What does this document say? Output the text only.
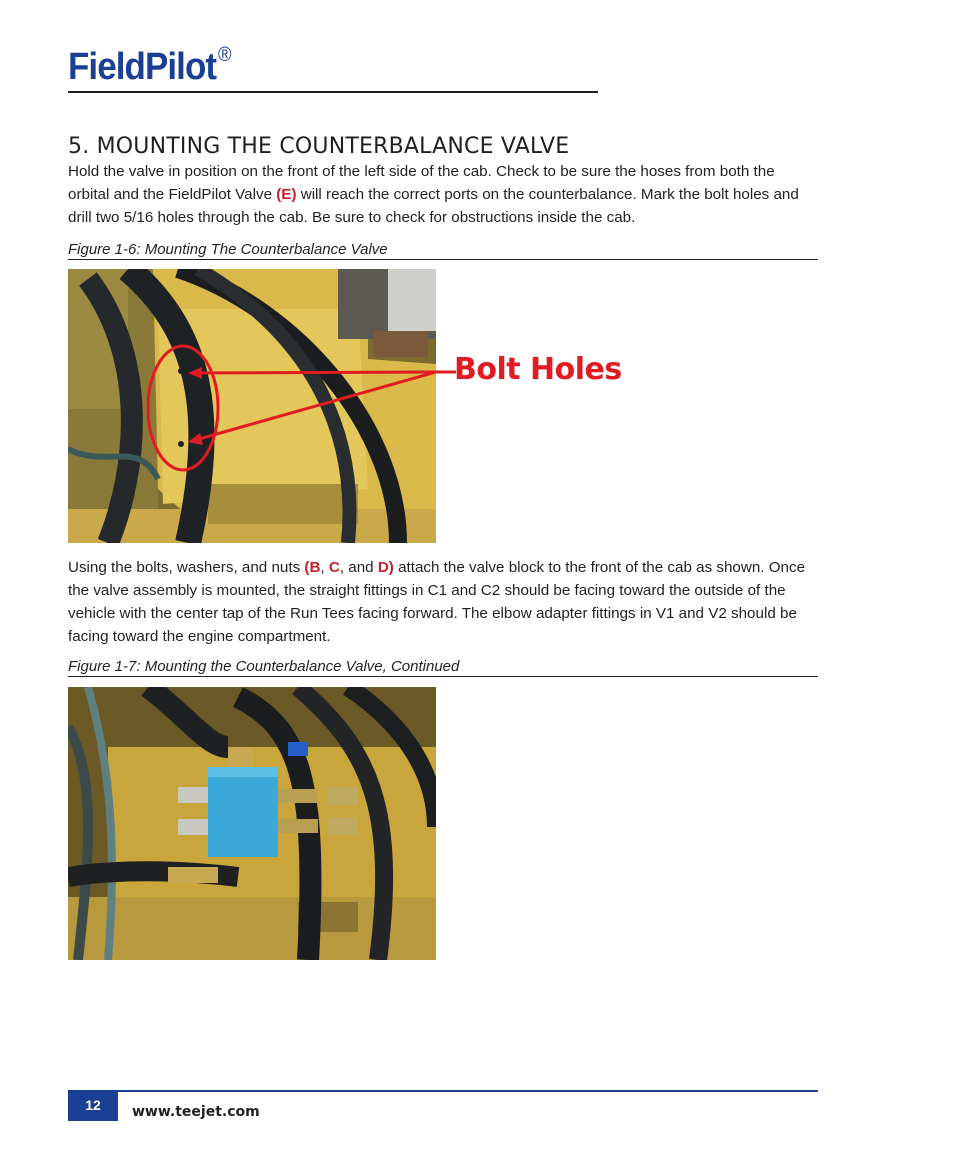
FieldPilot®
5. MOUNTING THE COUNTERBALANCE VALVE
Hold the valve in position on the front of the left side of the cab. Check to be sure the hoses from both the orbital and the FieldPilot Valve (E) will reach the correct ports on the counterbalance. Mark the bolt holes and drill two 5/16 holes through the cab. Be sure to check for obstructions inside the cab.
Figure 1-6: Mounting The Counterbalance Valve
Bolt Holes
Using the bolts, washers, and nuts (B, C, and D) attach the valve block to the front of the cab as shown. Once the valve assembly is mounted, the straight fittings in C1 and C2 should be facing toward the outside of the vehicle with the center tap of the Run Tees facing forward. The elbow adapter fittings in V1 and V2 should be facing toward the engine compartment.
Figure 1-7: Mounting the Counterbalance Valve, Continued
12	www.teejet.com
